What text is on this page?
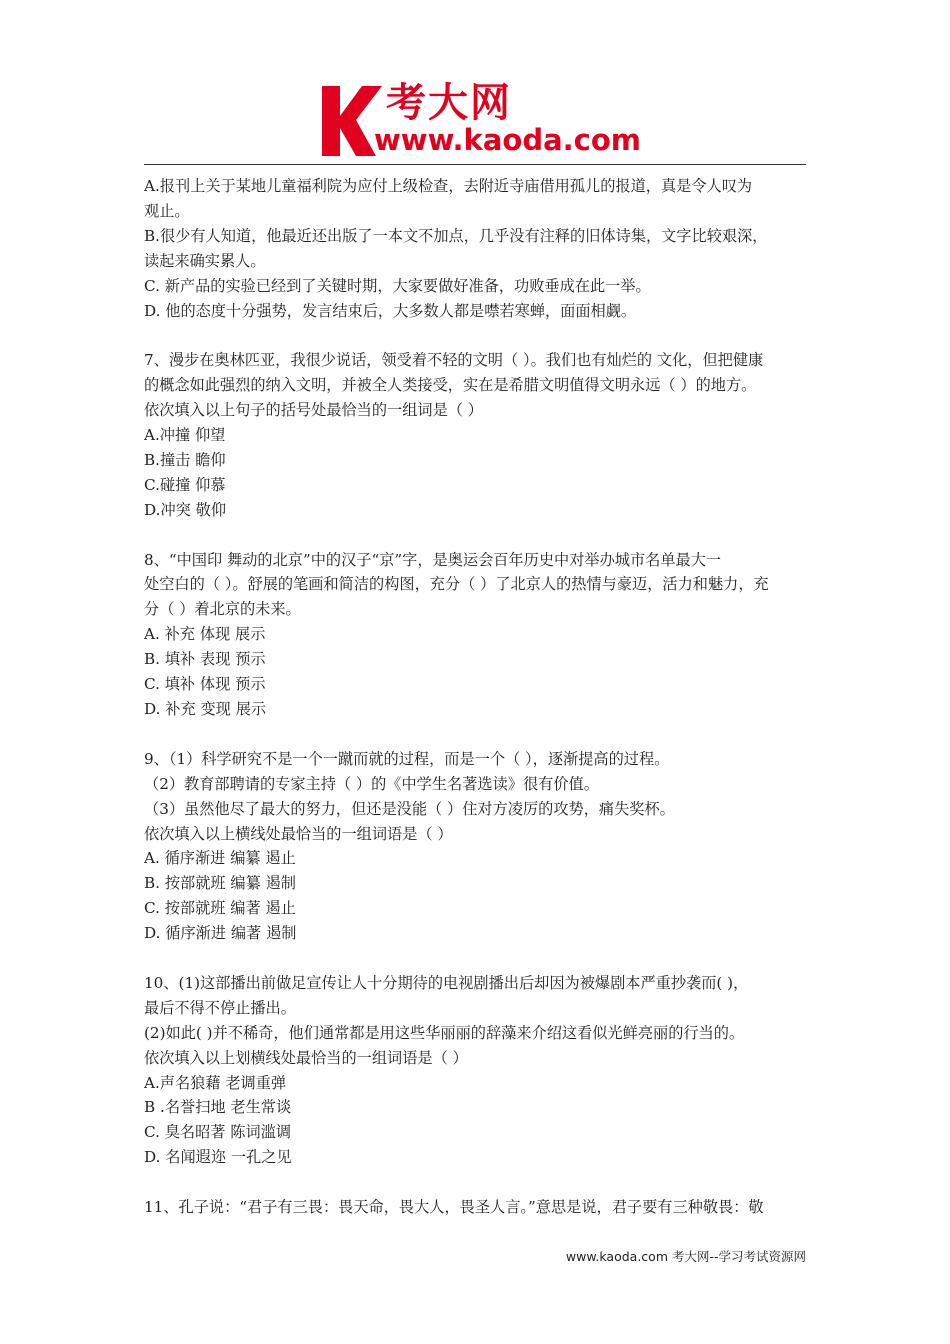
考大网
www.kaoda.com

A.报刊上关于某地儿童福利院为应付上级检查，去附近寺庙借用孤儿的报道，真是令人叹为

观止。

B.很少有人知道，他最近还出版了一本文不加点，几乎没有注释的旧体诗集，文字比较艰深，

读起来确实累人。

C. 新产品的实验已经到了关键时期，大家要做好准备，功败垂成在此一举。

D. 他的态度十分强势，发言结束后，大多数人都是噤若寒蝉，面面相觑。

7、漫步在奥林匹亚，我很少说话，领受着不轻的文明（ ）。我们也有灿烂的 文化，但把健康

的概念如此强烈的纳入文明，并被全人类接受，实在是希腊文明值得文明永远（ ）的地方。

依次填入以上句子的括号处最恰当的一组词是（ ）

A.冲撞 仰望

B.撞击 瞻仰

C.碰撞 仰慕

D.冲突 敬仰

8、“中国印 舞动的北京”中的汉子“京”字，是奥运会百年历史中对举办城市名单最大一

处空白的（ ）。舒展的笔画和简洁的构图，充分（ ）了北京人的热情与豪迈，活力和魅力，充

分（ ）着北京的未来。

A. 补充 体现 展示

B. 填补 表现 预示

C. 填补 体现 预示

D. 补充 变现 展示

9、（1）科学研究不是一个一蹴而就的过程，而是一个（ ），逐渐提高的过程。

（2）教育部聘请的专家主持（ ）的《中学生名著选读》很有价值。

（3）虽然他尽了最大的努力，但还是没能（ ）住对方凌厉的攻势，痛失奖杯。

依次填入以上横线处最恰当的一组词语是（ ）

A. 循序渐进 编纂 遏止

B. 按部就班 编纂 遏制

C. 按部就班 编著 遏止

D. 循序渐进 编著 遏制

10、(1)这部播出前做足宣传让人十分期待的电视剧播出后却因为被爆剧本严重抄袭而( )，

最后不得不停止播出。

(2)如此( )并不稀奇，他们通常都是用这些华丽丽的辞藻来介绍这看似光鲜亮丽的行当的。

依次填入以上划横线处最恰当的一组词语是（ ）

A.声名狼藉 老调重弹

B .名誉扫地 老生常谈

C. 臭名昭著 陈词滥调

D. 名闻遐迩 一孔之见

11、孔子说：“君子有三畏：畏天命，畏大人，畏圣人言。”意思是说，君子要有三种敬畏：敬

www.kaoda.com 考大网--学习考试资源网
